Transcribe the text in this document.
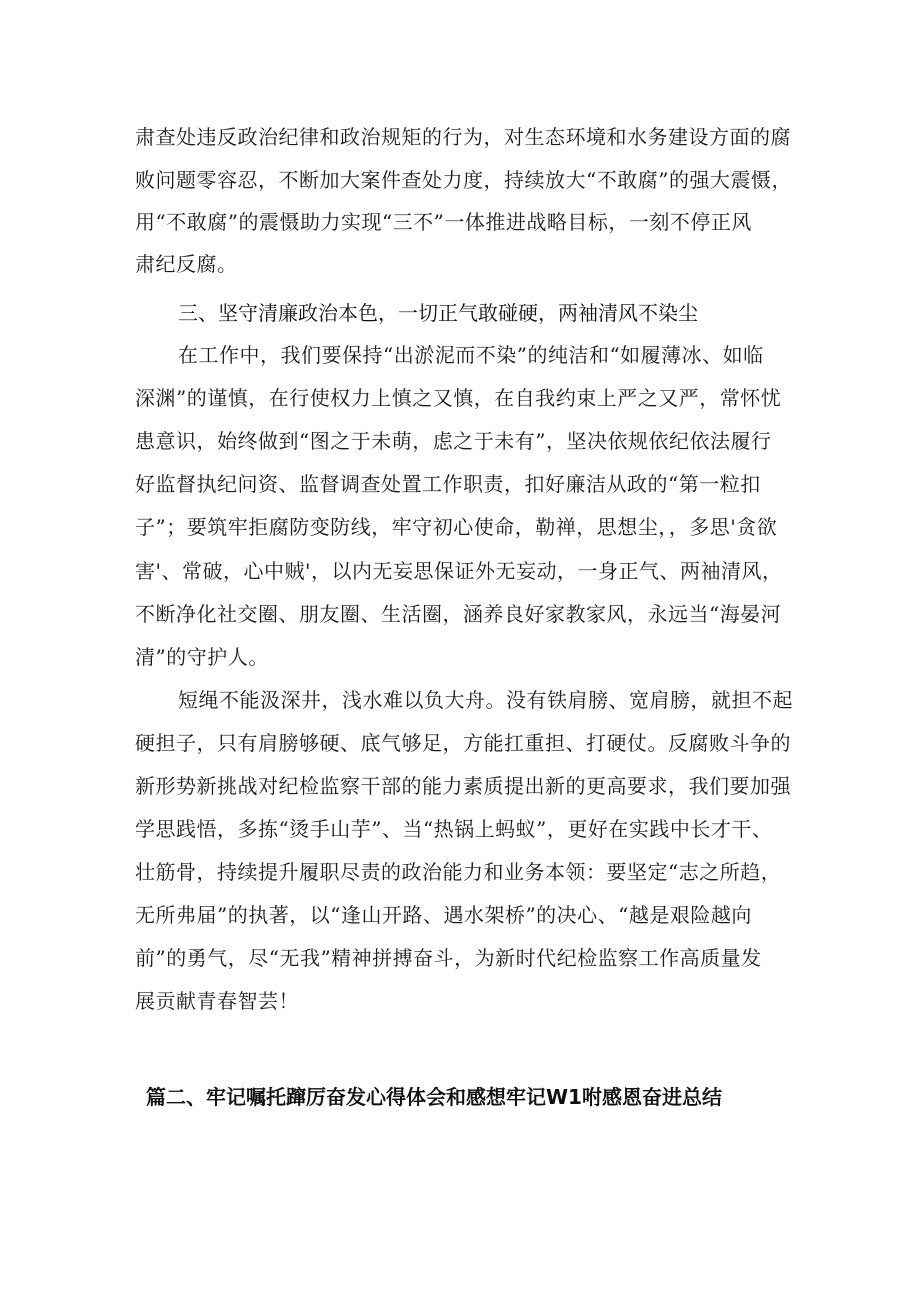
肃查处违反政治纪律和政治规矩的行为，对生态环境和水务建设方面的腐
败问题零容忍，不断加大案件查处力度，持续放大“不敢腐”的强大震慑，
用“不敢腐”的震慑助力实现“三不”一体推进战略目标，一刻不停正风
肃纪反腐。
三、坚守清廉政治本色，一切正气敢碰硬，两袖清风不染尘
在工作中，我们要保持“出淤泥而不染”的纯洁和“如履薄冰、如临
深渊”的谨慎，在行使权力上慎之又慎，在自我约束上严之又严，常怀忧
患意识，始终做到“图之于未萌，虑之于未有”，坚决依规依纪依法履行
好监督执纪问资、监督调查处置工作职责，扣好廉洁从政的“第一粒扣
子”；要筑牢拒腐防变防线，牢守初心使命，勒禅，思想尘，，多思'贪欲
害'、常破，心中贼'，以内无妄思保证外无妄动，一身正气、两袖清风，
不断净化社交圈、朋友圈、生活圈，涵养良好家教家风，永远当“海晏河
清”的守护人。
短绳不能汲深井，浅水难以负大舟。没有铁肩膀、宽肩膀，就担不起
硬担子，只有肩膀够硬、底气够足，方能扛重担、打硬仗。反腐败斗争的
新形势新挑战对纪检监察干部的能力素质提出新的更高要求，我们要加强
学思践悟，多拣“烫手山芋”、当“热锅上蚂蚁”，更好在实践中长才干、
壮筋骨，持续提升履职尽责的政治能力和业务本领：要坚定“志之所趋，
无所弗届”的执著，以“逢山开路、遇水架桥”的决心、“越是艰险越向
前”的勇气，尽“无我”精神拼搏奋斗，为新时代纪检监察工作高质量发
展贡献青春智芸！
篇二、牢记嘱托蹿厉奋发心得体会和感想牢记W1咐感恩奋进总结
